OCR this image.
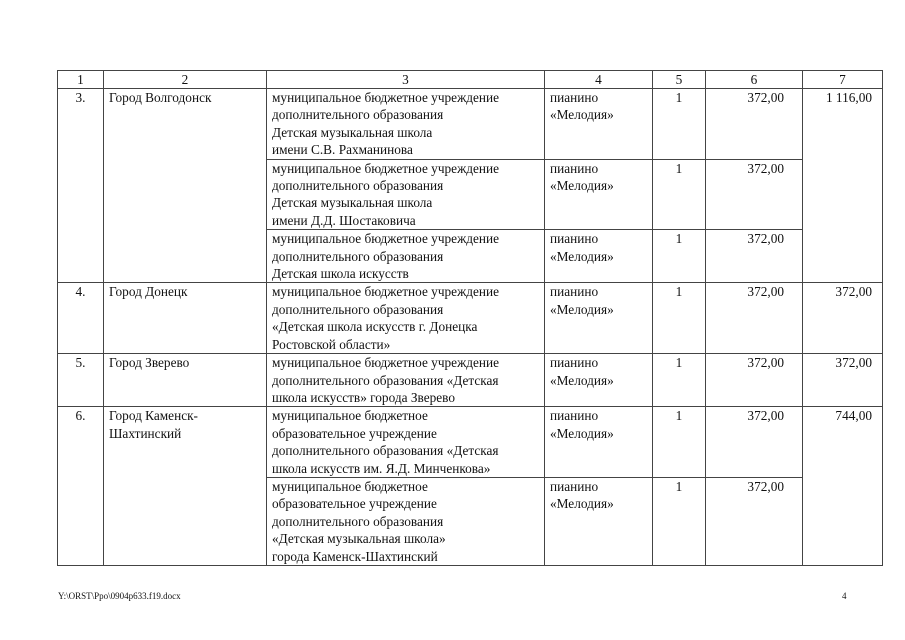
1	2	3	4	5	6	7
3.	Город Волгодонск	муниципальное бюджетное учреждение
дополнительного образования
Детская музыкальная школа
имени С.В. Рахманинова	пианино
«Мелодия»	1	372,00	1 116,00
		муниципальное бюджетное учреждение
дополнительного образования
Детская музыкальная школа
имени Д.Д. Шостаковича	пианино
«Мелодия»	1	372,00	
		муниципальное бюджетное учреждение
дополнительного образования
Детская школа искусств	пианино
«Мелодия»	1	372,00	
4.	Город Донецк	муниципальное бюджетное учреждение
дополнительного образования
«Детская школа искусств г. Донецка
Ростовской области»	пианино
«Мелодия»	1	372,00	372,00
5.	Город Зверево	муниципальное бюджетное учреждение
дополнительного образования «Детская
школа искусств» города Зверево	пианино
«Мелодия»	1	372,00	372,00
6.	Город Каменск-
Шахтинский	муниципальное бюджетное
образовательное учреждение
дополнительного образования «Детская
школа искусств им. Я.Д. Минченкова»	пианино
«Мелодия»	1	372,00	744,00
		муниципальное бюджетное
образовательное учреждение
дополнительного образования
«Детская музыкальная школа»
города Каменск-Шахтинский	пианино
«Мелодия»	1	372,00	
Y:\ORST\Ppo\0904p633.f19.docx	4
